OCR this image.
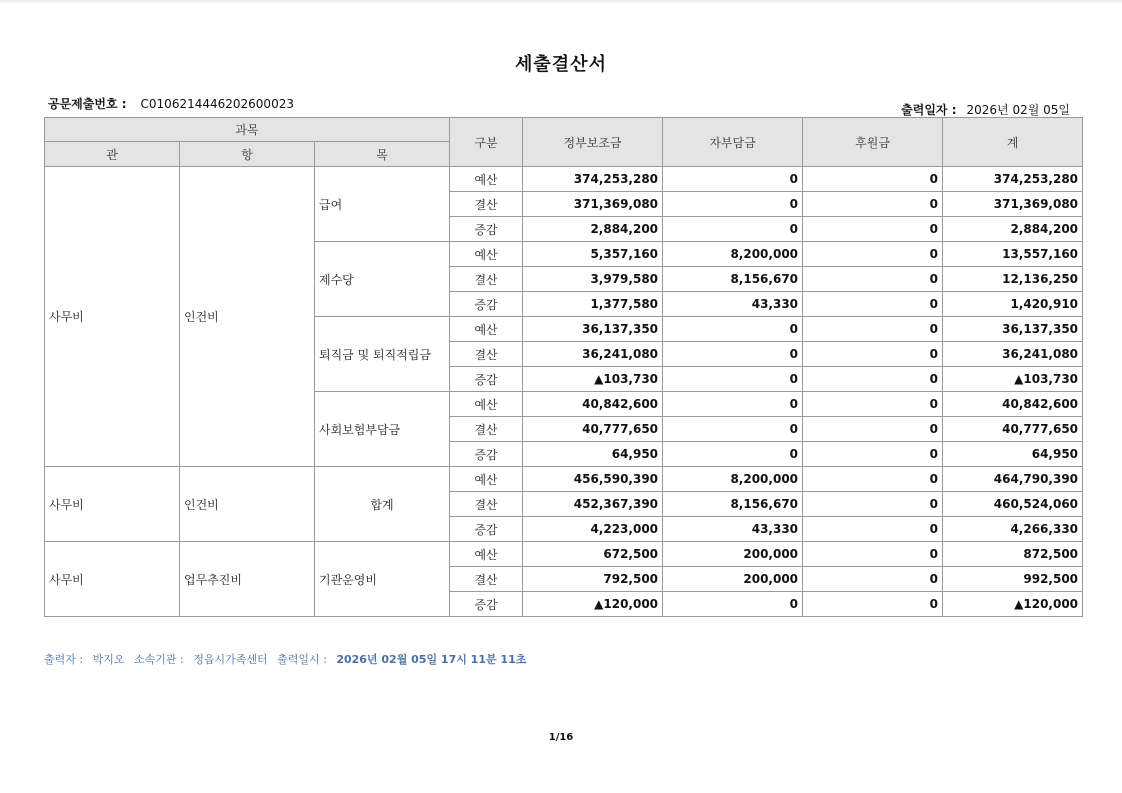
세출결산서
공문제출번호 : C0106214446202600023	출력일자 : 2026년 02월 05일
과목			구분	정부보조금	자부담금	후원금	계
관	항	목					
사무비	인건비	급여	예산	374,253,280	0	0	374,253,280
			결산	371,369,080	0	0	371,369,080
			증감	2,884,200	0	0	2,884,200
		제수당	예산	5,357,160	8,200,000	0	13,557,160
			결산	3,979,580	8,156,670	0	12,136,250
			증감	1,377,580	43,330	0	1,420,910
		퇴직금 및 퇴직적립금	예산	36,137,350	0	0	36,137,350
			결산	36,241,080	0	0	36,241,080
			증감	▲103,730	0	0	▲103,730
		사회보험부담금	예산	40,842,600	0	0	40,842,600
			결산	40,777,650	0	0	40,777,650
			증감	64,950	0	0	64,950
사무비	인건비	합계	예산	456,590,390	8,200,000	0	464,790,390
			결산	452,367,390	8,156,670	0	460,524,060
			증감	4,223,000	43,330	0	4,266,330
사무비	업무추진비	기관운영비	예산	672,500	200,000	0	872,500
			결산	792,500	200,000	0	992,500
			증감	▲120,000	0	0	▲120,000
출력자 : 박지오 소속기관 : 정읍시가족센터 출력일시 : 2026년 02월 05일 17시 11분 11초
1/16
